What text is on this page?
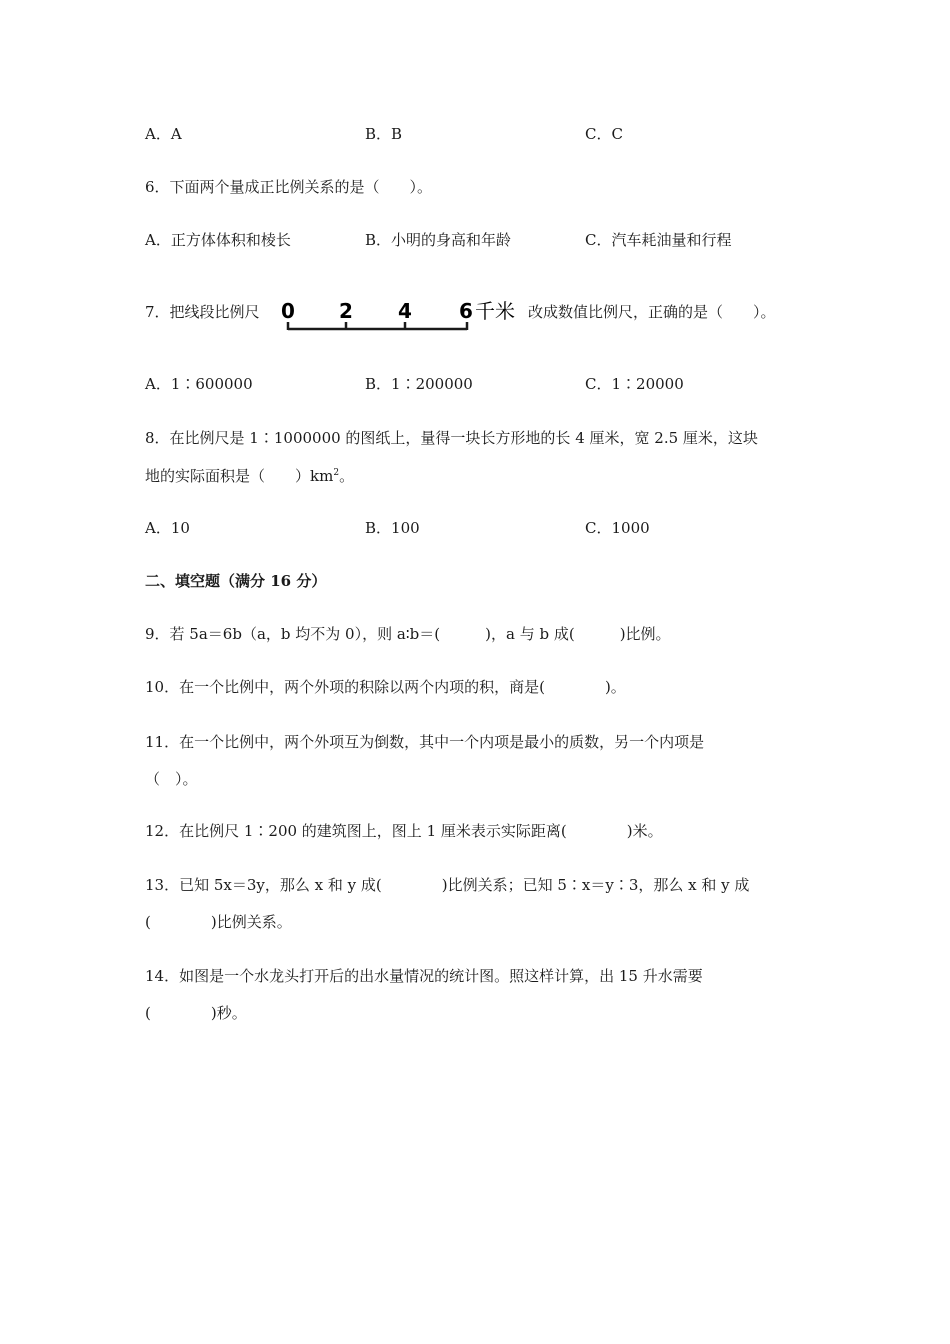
A．A	B．B	C．C
6．下面两个量成正比例关系的是（　　）。
A．正方体体积和棱长	B．小明的身高和年龄	C．汽车耗油量和行程
7．把线段比例尺 0 2 4 6 千米 改成数值比例尺，正确的是（　　）。
A．1∶600000	B．1∶200000	C．1∶20000
8．在比例尺是 1∶1000000 的图纸上，量得一块长方形地的长 4 厘米，宽 2.5 厘米，这块
地的实际面积是（　　）$km^2$。
A．10	B．100	C．1000
二、填空题（满分 16 分）
9．若 5a＝6b（a，b 均不为 0），则 a∶b＝(　　　)，a 与 b 成(　　　)比例。
10．在一个比例中，两个外项的积除以两个内项的积，商是(　　　　)。
11．在一个比例中，两个外项互为倒数，其中一个内项是最小的质数，另一个内项是
（　）。
12．在比例尺 1∶200 的建筑图上，图上 1 厘米表示实际距离(　　　　)米。
13．已知 5x＝3y，那么 x 和 y 成(　　　　)比例关系；已知 5∶x＝y∶3，那么 x 和 y 成
(　　　　)比例关系。
14．如图是一个水龙头打开后的出水量情况的统计图。照这样计算，出 15 升水需要
(　　　　)秒。
